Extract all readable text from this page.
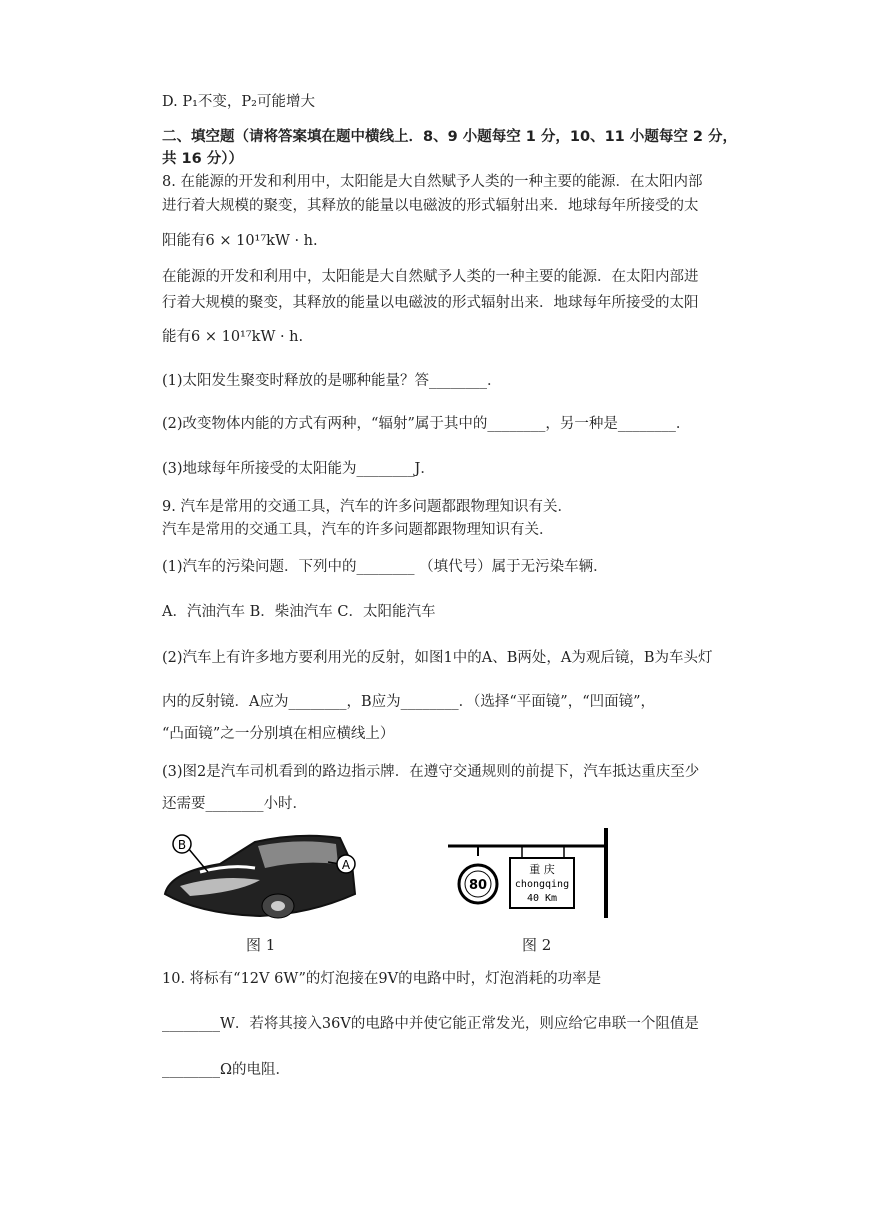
D. P₁不变，P₂可能增大
二、填空题（请将答案填在题中横线上．8、9 小题每空 1 分，10、11 小题每空 2 分，
共 16 分））
8. 在能源的开发和利用中，太阳能是大自然赋予人类的一种主要的能源．在太阳内部
进行着大规模的聚变，其释放的能量以电磁波的形式辐射出来．地球每年所接受的太
阳能有6 × 10¹⁷kW · h.
在能源的开发和利用中，太阳能是大自然赋予人类的一种主要的能源．在太阳内部进
行着大规模的聚变，其释放的能量以电磁波的形式辐射出来．地球每年所接受的太阳
能有6 × 10¹⁷kW · h.
(1)太阳发生聚变时释放的是哪种能量？答________．
(2)改变物体内能的方式有两种，“辐射”属于其中的________，另一种是________．
(3)地球每年所接受的太阳能为________J．
9. 汽车是常用的交通工具，汽车的许多问题都跟物理知识有关．
汽车是常用的交通工具，汽车的许多问题都跟物理知识有关．
(1)汽车的污染问题．下列中的________ （填代号）属于无污染车辆．
A．汽油汽车 B．柴油汽车 C．太阳能汽车
(2)汽车上有许多地方要利用光的反射，如图1中的A、B两处，A为观后镜，B为车头灯
内的反射镜．A应为________，B应为________．（选择“平面镜”，“凹面镜”，
“凸面镜”之一分别填在相应横线上）
(3)图2是汽车司机看到的路边指示牌．在遵守交通规则的前提下，汽车抵达重庆至少
还需要________小时．
10. 将标有“12V 6W”的灯泡接在9V的电路中时，灯泡消耗的功率是
________W．若将其接入36V的电路中并使它能正常发光，则应给它串联一个阻值是
________Ω的电阻．
B
A
80
重 庆
chongqing
40 Km
图 1	图 2
